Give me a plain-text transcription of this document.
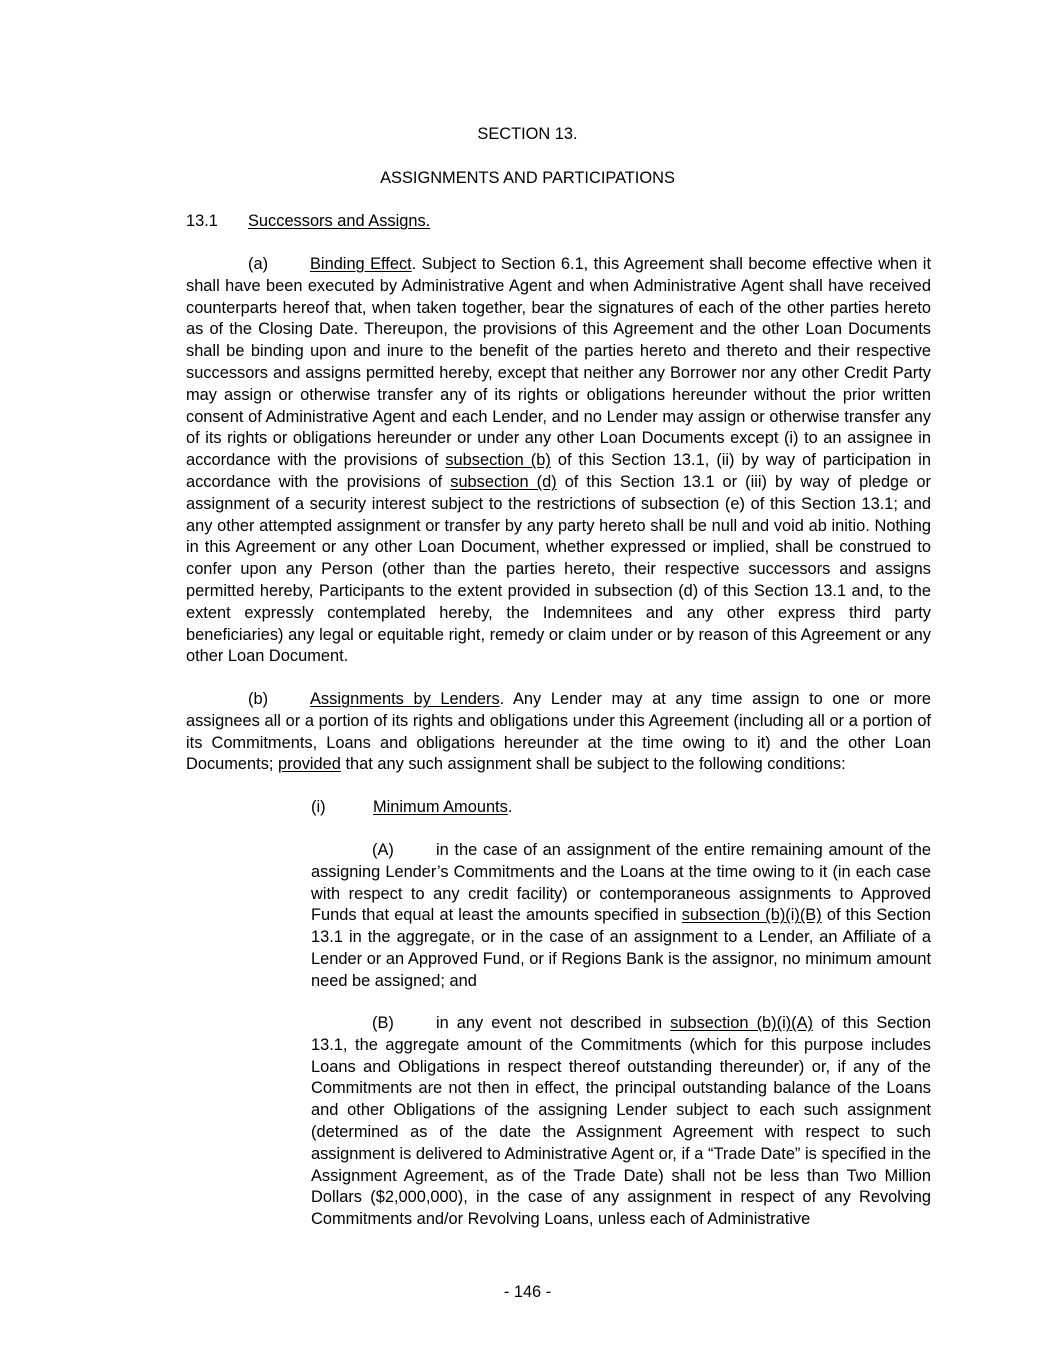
SECTION 13.
ASSIGNMENTS AND PARTICIPATIONS
13.1 Successors and Assigns.
(a)	Binding Effect. Subject to Section 6.1, this Agreement shall become effective when it shall have been executed by Administrative Agent and when Administrative Agent shall have received counterparts hereof that, when taken together, bear the signatures of each of the other parties hereto as of the Closing Date. Thereupon, the provisions of this Agreement and the other Loan Documents shall be binding upon and inure to the benefit of the parties hereto and thereto and their respective successors and assigns permitted hereby, except that neither any Borrower nor any other Credit Party may assign or otherwise transfer any of its rights or obligations hereunder without the prior written consent of Administrative Agent and each Lender, and no Lender may assign or otherwise transfer any of its rights or obligations hereunder or under any other Loan Documents except (i) to an assignee in accordance with the provisions of subsection (b) of this Section 13.1, (ii) by way of participation in accordance with the provisions of subsection (d) of this Section 13.1 or (iii) by way of pledge or assignment of a security interest subject to the restrictions of subsection (e) of this Section 13.1; and any other attempted assignment or transfer by any party hereto shall be null and void ab initio. Nothing in this Agreement or any other Loan Document, whether expressed or implied, shall be construed to confer upon any Person (other than the parties hereto, their respective successors and assigns permitted hereby, Participants to the extent provided in subsection (d) of this Section 13.1 and, to the extent expressly contemplated hereby, the Indemnitees and any other express third party beneficiaries) any legal or equitable right, remedy or claim under or by reason of this Agreement or any other Loan Document.
(b)	Assignments by Lenders. Any Lender may at any time assign to one or more assignees all or a portion of its rights and obligations under this Agreement (including all or a portion of its Commitments, Loans and obligations hereunder at the time owing to it) and the other Loan Documents; provided that any such assignment shall be subject to the following conditions:
(i)	Minimum Amounts.
(A)	in the case of an assignment of the entire remaining amount of the assigning Lender’s Commitments and the Loans at the time owing to it (in each case with respect to any credit facility) or contemporaneous assignments to Approved Funds that equal at least the amounts specified in subsection (b)(i)(B) of this Section 13.1 in the aggregate, or in the case of an assignment to a Lender, an Affiliate of a Lender or an Approved Fund, or if Regions Bank is the assignor, no minimum amount need be assigned; and
(B)	in any event not described in subsection (b)(i)(A) of this Section 13.1, the aggregate amount of the Commitments (which for this purpose includes Loans and Obligations in respect thereof outstanding thereunder) or, if any of the Commitments are not then in effect, the principal outstanding balance of the Loans and other Obligations of the assigning Lender subject to each such assignment (determined as of the date the Assignment Agreement with respect to such assignment is delivered to Administrative Agent or, if a “Trade Date” is specified in the Assignment Agreement, as of the Trade Date) shall not be less than Two Million Dollars ($2,000,000), in the case of any assignment in respect of any Revolving Commitments and/or Revolving Loans, unless each of Administrative
- 146 -
